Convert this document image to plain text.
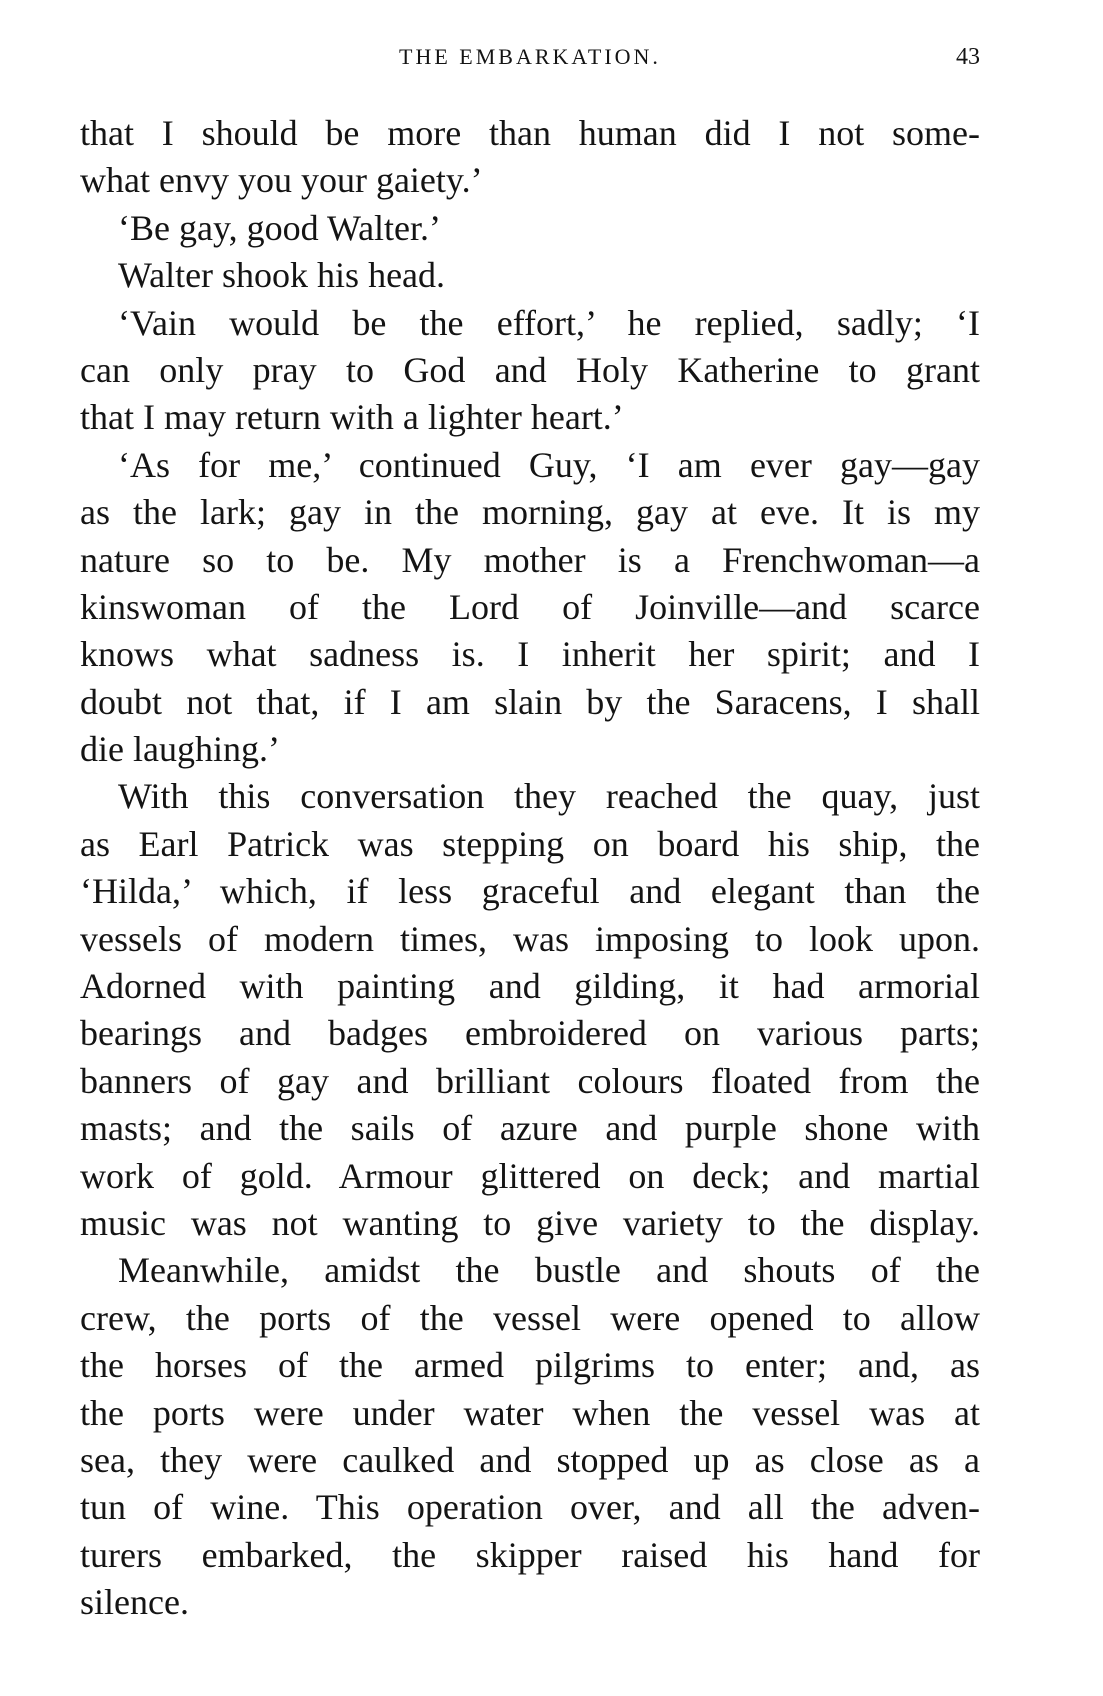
THE EMBARKATION.	43
that I should be more than human did I not some-
what envy you your gaiety.’
‘Be gay, good Walter.’
Walter shook his head.
‘Vain would be the effort,’ he replied, sadly; ‘I
can only pray to God and Holy Katherine to grant
that I may return with a lighter heart.’
‘As for me,’ continued Guy, ‘I am ever gay—gay
as the lark; gay in the morning, gay at eve. It is my
nature so to be. My mother is a Frenchwoman—a
kinswoman of the Lord of Joinville—and scarce
knows what sadness is. I inherit her spirit; and I
doubt not that, if I am slain by the Saracens, I shall
die laughing.’
With this conversation they reached the quay, just
as Earl Patrick was stepping on board his ship, the
‘Hilda,’ which, if less graceful and elegant than the
vessels of modern times, was imposing to look upon.
Adorned with painting and gilding, it had armorial
bearings and badges embroidered on various parts;
banners of gay and brilliant colours floated from the
masts; and the sails of azure and purple shone with
work of gold. Armour glittered on deck; and martial
music was not wanting to give variety to the display.
Meanwhile, amidst the bustle and shouts of the
crew, the ports of the vessel were opened to allow
the horses of the armed pilgrims to enter; and, as
the ports were under water when the vessel was at
sea, they were caulked and stopped up as close as a
tun of wine. This operation over, and all the adven-
turers embarked, the skipper raised his hand for
silence.
